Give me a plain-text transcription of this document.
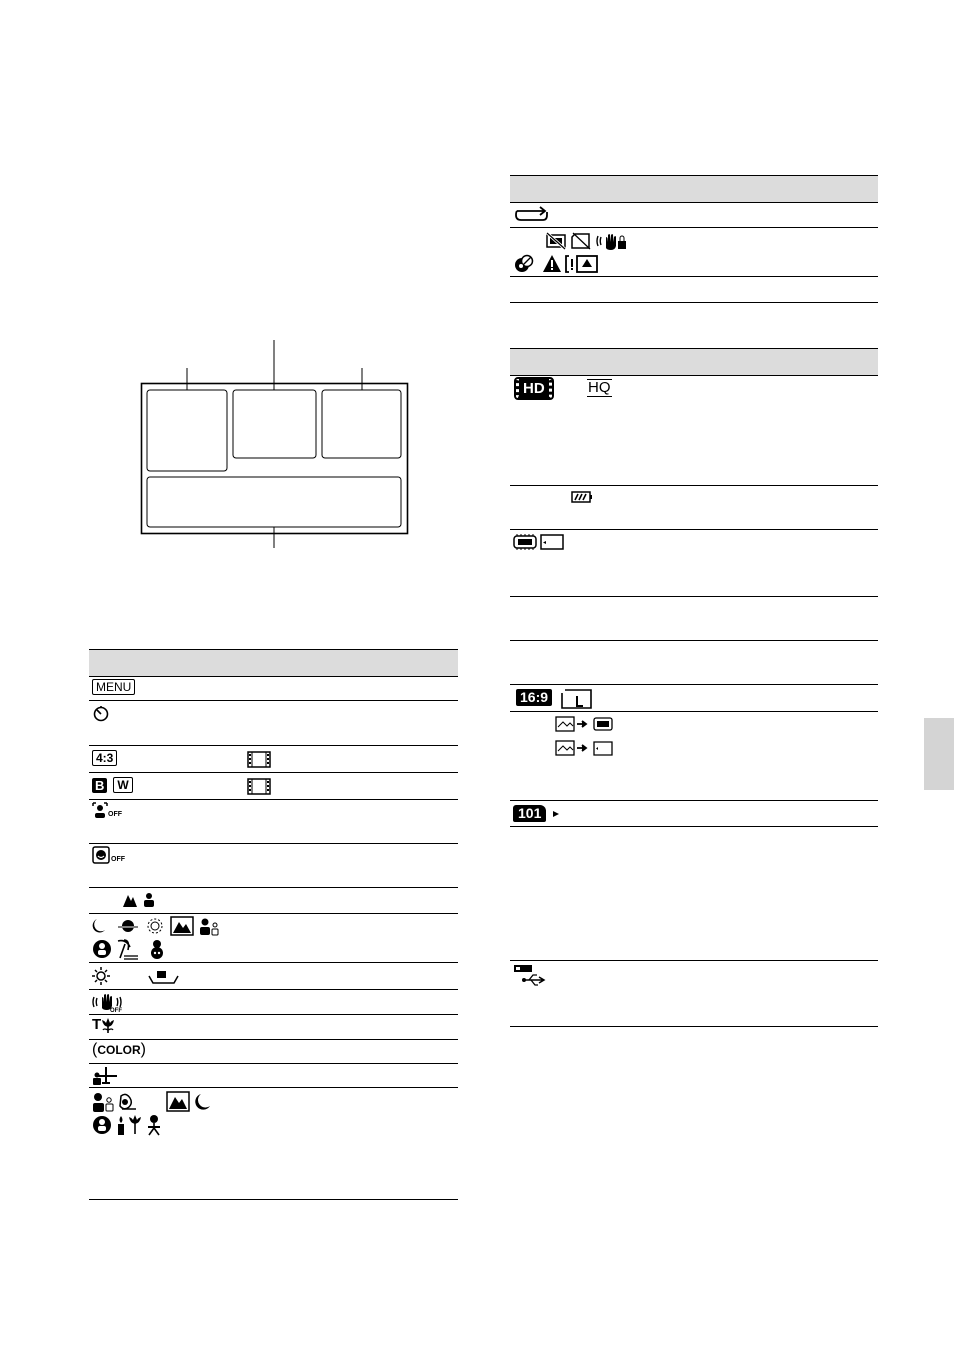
MENU
4:3
B	W
OFF
OFF
OFF
T
( COLOR )
HD	HQ
16:9
101
